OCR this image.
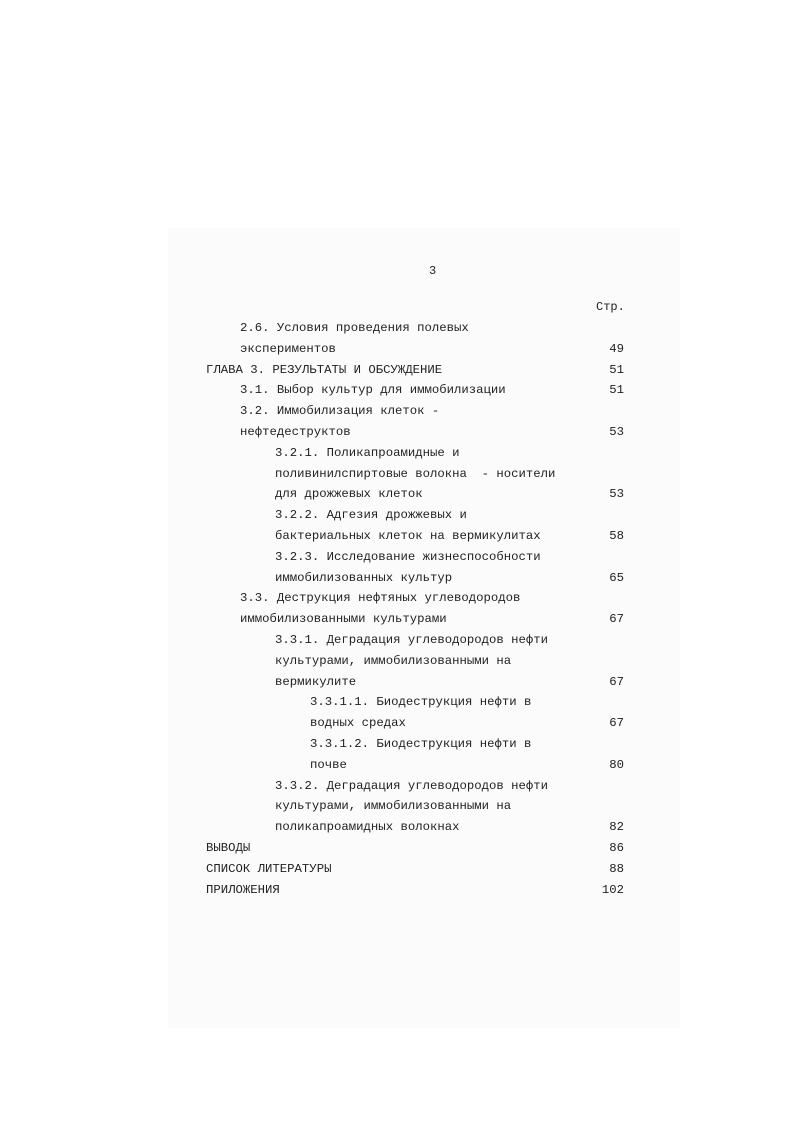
3
Стр.
2.6. Условия проведения полевых
экспериментов	49
ГЛАВА 3. РЕЗУЛЬТАТЫ И ОБСУЖДЕНИЕ	51
3.1. Выбор культур для иммобилизации	51
3.2. Иммобилизация клеток -
нефтедеструктов	53
3.2.1. Поликапроамидные и
поливинилспиртовые волокна  - носители
для дрожжевых клеток	53
3.2.2. Адгезия дрожжевых и
бактериальных клеток на вермикулитах	58
3.2.3. Исследование жизнеспособности
иммобилизованных культур	65
3.3. Деструкция нефтяных углеводородов
иммобилизованными культурами	67
3.3.1. Деградация углеводородов нефти
культурами, иммобилизованными на
вермикулите	67
3.3.1.1. Биодеструкция нефти в
водных средах	67
3.3.1.2. Биодеструкция нефти в
почве	80
3.3.2. Деградация углеводородов нефти
культурами, иммобилизованными на
поликапроамидных волокнах	82
ВЫВОДЫ	86
СПИСОК ЛИТЕРАТУРЫ	88
ПРИЛОЖЕНИЯ	102
